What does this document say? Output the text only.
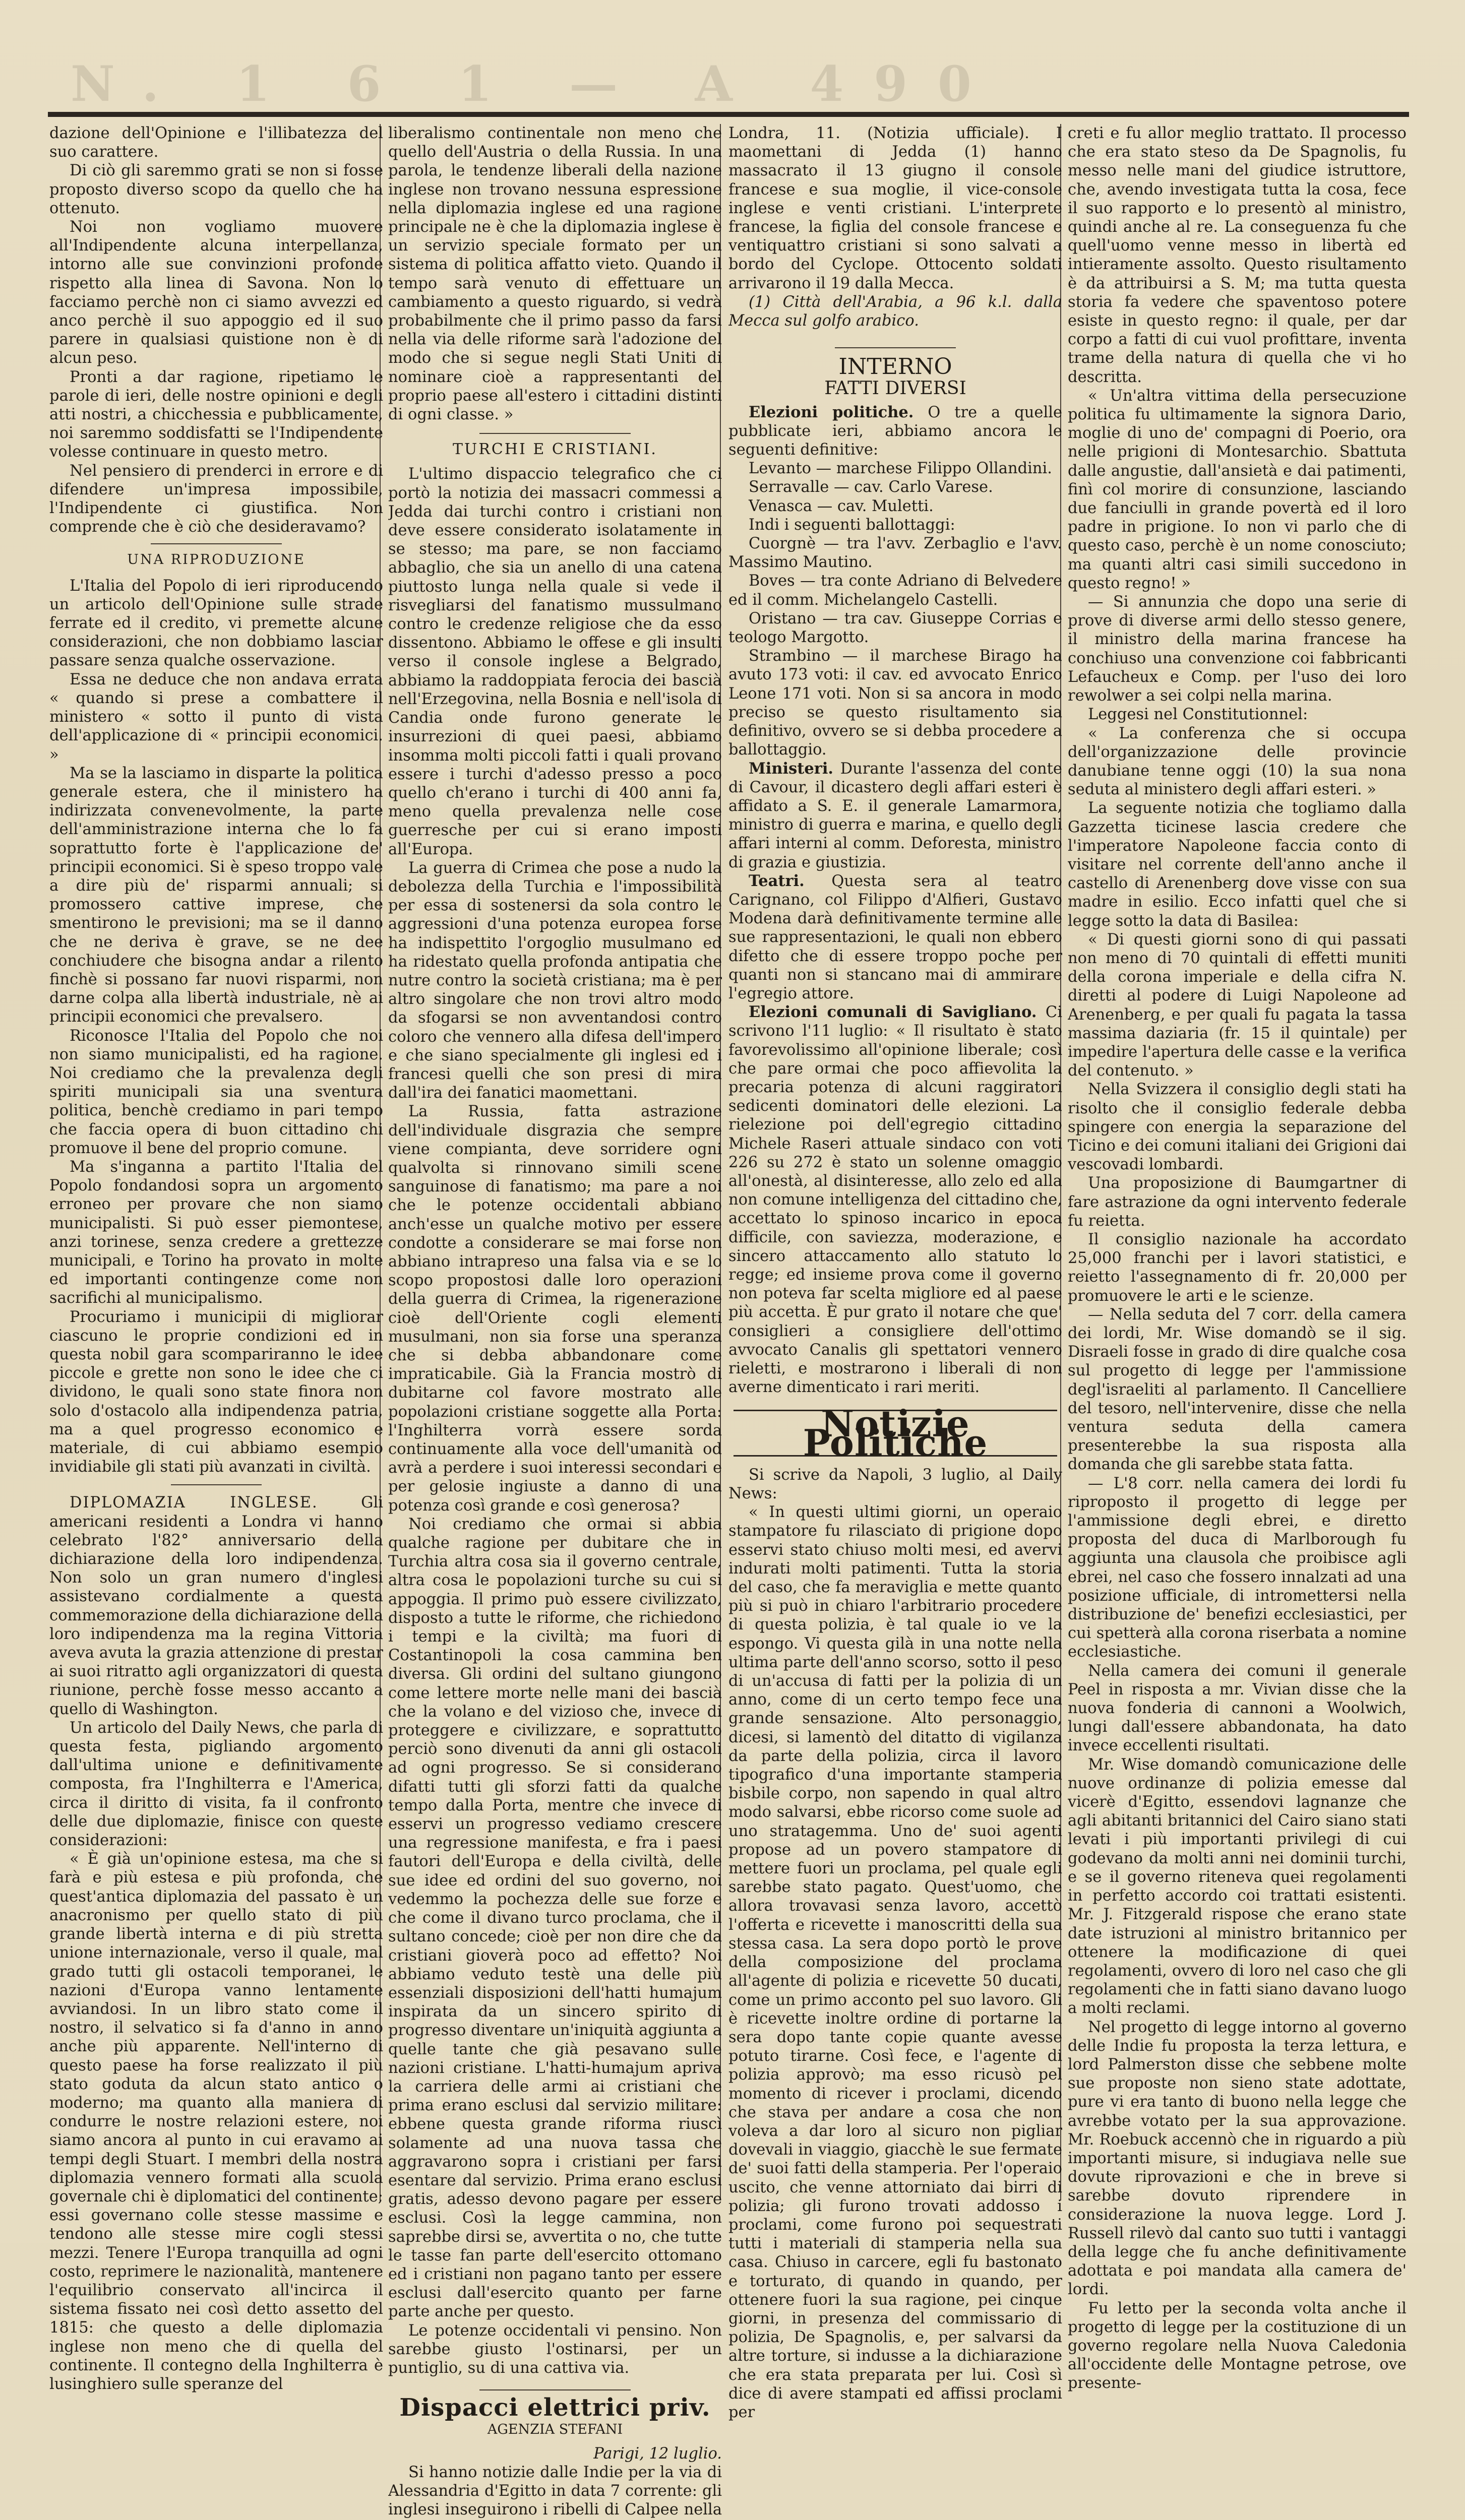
N. 1 6 1 — A 490

dazione dell'Opinione e l'illibatezza del suo carattere.

Di ciò gli saremmo grati se non si fosse proposto diverso scopo da quello che ha ottenuto.

Noi non vogliamo muovere all'Indipendente alcuna interpellanza, intorno alle sue convinzioni profonde rispetto alla linea di Savona. Non lo facciamo perchè non ci siamo avvezzi ed anco perchè il suo appoggio ed il suo parere in qualsiasi quistione non è di alcun peso.

Pronti a dar ragione, ripetiamo le parole di ieri, delle nostre opinioni e degli atti nostri, a chicchessia e pubblicamente, noi saremmo soddisfatti se l'Indipendente volesse continuare in questo metro.

Nel pensiero di prenderci in errore e di difendere un'impresa impossibile, l'Indipendente ci giustifica. Non comprende che è ciò che desideravamo?

UNA RIPRODUZIONE

L'Italia del Popolo di ieri riproducendo un articolo dell'Opinione sulle strade ferrate ed il credito, vi premette alcune considerazioni, che non dobbiamo lasciar passare senza qualche osservazione.

Essa ne deduce che non andava errata « quando si prese a combattere il ministero « sotto il punto di vista dell'applicazione di « principii economici. »

Ma se la lasciamo in disparte la politica generale estera, che il ministero ha indirizzata convenevolmente, la parte dell'amministrazione interna che lo fa soprattutto forte è l'applicazione de' principii economici. Si è speso troppo vale a dire più de' risparmi annuali; si promossero cattive imprese, che smentirono le previsioni; ma se il danno che ne deriva è grave, se ne dee conchiudere che bisogna andar a rilento finchè si possano far nuovi risparmi, non darne colpa alla libertà industriale, nè ai principii economici che prevalsero.

Riconosce l'Italia del Popolo che noi non siamo municipalisti, ed ha ragione. Noi crediamo che la prevalenza degli spiriti municipali sia una sventura politica, benchè crediamo in pari tempo che faccia opera di buon cittadino chi promuove il bene del proprio comune.

Ma s'inganna a partito l'Italia del Popolo fondandosi sopra un argomento erroneo per provare che non siamo municipalisti. Si può esser piemontese, anzi torinese, senza credere a grettezze municipali, e Torino ha provato in molte ed importanti contingenze come non sacrifichi al municipalismo.

Procuriamo i municipii di migliorar ciascuno le proprie condizioni ed in questa nobil gara scompariranno le idee piccole e grette non sono le idee che ci dividono, le quali sono state finora non solo d'ostacolo alla indipendenza patria, ma a quel progresso economico e materiale, di cui abbiamo esempio invidiabile gli stati più avanzati in civiltà.

DIPLOMAZIA INGLESE.	Gli americani residenti a Londra vi hanno celebrato l'82° anniversario della dichiarazione della loro indipendenza. Non solo un gran numero d'inglesi assistevano cordialmente a questa commemorazione della dichiarazione della loro indipendenza ma la regina Vittoria aveva avuta la grazia attenzione di prestar ai suoi ritratto agli organizzatori di questa riunione, perchè fosse messo accanto a quello di Washington.

Un articolo del Daily News, che parla di questa festa, pigliando argomento dall'ultima unione e definitivamente composta, fra l'Inghilterra e l'America, circa il diritto di visita, fa il confronto delle due diplomazie, finisce con queste considerazioni:

« È già un'opinione estesa, ma che si farà e più estesa e più profonda, che quest'antica diplomazia del passato è un anacronismo per quello stato di più grande libertà interna e di più stretta unione internazionale, verso il quale, mal grado tutti gli ostacoli temporanei, le nazioni d'Europa vanno lentamente avviandosi. In un libro stato come il nostro, il selvatico si fa d'anno in anno anche più apparente. Nell'interno di questo paese ha forse realizzato il più stato goduta da alcun stato antico o moderno; ma quanto alla maniera di condurre le nostre relazioni estere, noi siamo ancora al punto in cui eravamo ai tempi degli Stuart. I membri della nostra diplomazia vennero formati alla scuola governale chi è diplomatici del continente; essi governano colle stesse massime e tendono alle stesse mire cogli stessi mezzi. Tenere l'Europa tranquilla ad ogni costo, reprimere le nazionalità, mantenere l'equilibrio conservato all'incirca il sistema fissato nei così detto assetto del 1815: che questo a delle diplomazia inglese non meno che di quella del continente. Il contegno della Inghilterra è lusinghiero sulle speranze del

liberalismo continentale non meno che quello dell'Austria o della Russia. In una parola, le tendenze liberali della nazione inglese non trovano nessuna espressione nella diplomazia inglese ed una ragione principale ne è che la diplomazia inglese è un servizio speciale formato per un sistema di politica affatto vieto. Quando il tempo sarà venuto di effettuare un cambiamento a questo riguardo, si vedrà probabilmente che il primo passo da farsi nella via delle riforme sarà l'adozione del modo che si segue negli Stati Uniti di nominare cioè a rappresentanti del proprio paese all'estero i cittadini distinti di ogni classe. »

TURCHI E CRISTIANI.

L'ultimo dispaccio telegrafico che ci portò la notizia dei massacri commessi a Jedda dai turchi contro i cristiani non deve essere considerato isolatamente in se stesso; ma pare, se non facciamo abbaglio, che sia un anello di una catena piuttosto lunga nella quale si vede il risvegliarsi del fanatismo mussulmano contro le credenze religiose che da esso dissentono. Abbiamo le offese e gli insulti verso il console inglese a Belgrado, abbiamo la raddoppiata ferocia dei bascià nell'Erzegovina, nella Bosnia e nell'isola di Candia onde furono generate le insurrezioni di quei paesi, abbiamo insomma molti piccoli fatti i quali provano essere i turchi d'adesso presso a poco quello ch'erano i turchi di 400 anni fa, meno quella prevalenza nelle cose guerresche per cui si erano imposti all'Europa.

La guerra di Crimea che pose a nudo la debolezza della Turchia e l'impossibilità per essa di sostenersi da sola contro le aggressioni d'una potenza europea forse ha indispettito l'orgoglio musulmano ed ha ridestato quella profonda antipatia che nutre contro la società cristiana; ma è per altro singolare che non trovi altro modo da sfogarsi se non avventandosi contro coloro che vennero alla difesa dell'impero e che siano specialmente gli inglesi ed i francesi quelli che son presi di mira dall'ira dei fanatici maomettani.

La Russia, fatta astrazione dell'individuale disgrazia che sempre viene compianta, deve sorridere ogni qualvolta si rinnovano simili scene sanguinose di fanatismo; ma pare a noi che le potenze occidentali abbiano anch'esse un qualche motivo per essere condotte a considerare se mai forse non abbiano intrapreso una falsa via e se lo scopo propostosi dalle loro operazioni della guerra di Crimea, la rigenerazione cioè dell'Oriente cogli elementi musulmani, non sia forse una speranza che si debba abbandonare come impraticabile. Già la Francia mostrò di dubitarne col favore mostrato alle popolazioni cristiane soggette alla Porta: l'Inghilterra vorrà essere sorda continuamente alla voce dell'umanità od avrà a perdere i suoi interessi secondari e per gelosie ingiuste a danno di una potenza così grande e così generosa?

Noi crediamo che ormai si abbia qualche ragione per dubitare che in Turchia altra cosa sia il governo centrale, altra cosa le popolazioni turche su cui si appoggia. Il primo può essere civilizzato, disposto a tutte le riforme, che richiedono i tempi e la civiltà; ma fuori di Costantinopoli la cosa cammina ben diversa. Gli ordini del sultano giungono come lettere morte nelle mani dei bascià che la volano e del vizioso che, invece di proteggere e civilizzare, e soprattutto perciò sono divenuti da anni gli ostacoli ad ogni progresso. Se si considerano difatti tutti gli sforzi fatti da qualche tempo dalla Porta, mentre che invece di esservi un progresso vediamo crescere una regressione manifesta, e fra i paesi fautori dell'Europa e della civiltà, delle sue idee ed ordini del suo governo, noi vedemmo la pochezza delle sue forze e che come il divano turco proclama, che il sultano concede; cioè per non dire che da cristiani gioverà poco ad effetto? Noi abbiamo veduto testè una delle più essenziali disposizioni dell'hatti humajum inspirata da un sincero spirito di progresso diventare un'iniquità aggiunta a quelle tante che già pesavano sulle nazioni cristiane. L'hatti-humajum apriva la carriera delle armi ai cristiani che prima erano esclusi dal servizio militare: ebbene questa grande riforma riuscì solamente ad una nuova tassa che aggravarono sopra i cristiani per farsi esentare dal servizio. Prima erano esclusi gratis, adesso devono pagare per essere esclusi. Così la legge cammina, non saprebbe dirsi se, avvertita o no, che tutte le tasse fan parte dell'esercito ottomano ed i cristiani non pagano tanto per essere esclusi dall'esercito quanto per farne parte anche per questo.

Le potenze occidentali vi pensino. Non sarebbe giusto l'ostinarsi, per un puntiglio, su di una cattiva via.

Dispacci elettrici priv.
AGENZIA STEFANI

Parigi, 12 luglio.

Si hanno notizie dalle Indie per la via di Alessandria d'Egitto in data 7 corrente: gli inglesi inseguirono i ribelli di Calpee nella

Londra, 11. (Notizia ufficiale). I maomettani di Jedda (1) hanno massacrato il 13 giugno il console francese e sua moglie, il vice-console inglese e venti cristiani. L'interprete francese, la figlia del console francese e ventiquattro cristiani si sono salvati a bordo del Cyclope. Ottocento soldati arrivarono il 19 dalla Mecca.

(1) Città dell'Arabia, a 96 k.l. dalla Mecca sul golfo arabico.

INTERNO
FATTI DIVERSI

Elezioni politiche. O tre a quelle pubblicate ieri, abbiamo ancora le seguenti definitive:

Levanto — marchese Filippo Ollandini.

Serravalle — cav. Carlo Varese.

Venasca — cav. Muletti.

Indi i seguenti ballottaggi:

Cuorgnè — tra l'avv. Zerbaglio e l'avv. Massimo Mautino.

Boves — tra conte Adriano di Belvedere ed il comm. Michelangelo Castelli.

Oristano — tra cav. Giuseppe Corrias e teologo Margotto.

Strambino — il marchese Birago ha avuto 173 voti: il cav. ed avvocato Enrico Leone 171 voti. Non si sa ancora in modo preciso se questo risultamento sia definitivo, ovvero se si debba procedere a ballottaggio.

Ministeri. Durante l'assenza del conte di Cavour, il dicastero degli affari esteri è affidato a S. E. il generale Lamarmora, ministro di guerra e marina, e quello degli affari interni al comm. Deforesta, ministro di grazia e giustizia.

Teatri. Questa sera al teatro Carignano, col Filippo d'Alfieri, Gustavo Modena darà definitivamente termine alle sue rappresentazioni, le quali non ebbero difetto che di essere troppo poche per quanti non si stancano mai di ammirare l'egregio attore.

Elezioni comunali di Savigliano. Ci scrivono l'11 luglio: « Il risultato è stato favorevolissimo all'opinione liberale; così che pare ormai che poco affievolita la precaria potenza di alcuni raggiratori sedicenti dominatori delle elezioni. La rielezione poi dell'egregio cittadino Michele Raseri attuale sindaco con voti 226 su 272 è stato un solenne omaggio all'onestà, al disinteresse, allo zelo ed alla non comune intelligenza del cittadino che, accettato lo spinoso incarico in epoca difficile, con saviezza, moderazione, e sincero attaccamento allo statuto lo regge; ed insieme prova come il governo non poteva far scelta migliore ed al paese più accetta. È pur grato il notare che que' consiglieri a consigliere dell'ottimo avvocato Canalis gli spettatori vennero rieletti, e mostrarono i liberali di non averne dimenticato i rari meriti.

Notizie Politiche

Si scrive da Napoli, 3 luglio, al Daily News:

« In questi ultimi giorni, un operaio stampatore fu rilasciato di prigione dopo esservi stato chiuso molti mesi, ed avervi indurati molti patimenti. Tutta la storia del caso, che fa meraviglia e mette quanto più si può in chiaro l'arbitrario procedere di questa polizia, è tal quale io ve la espongo. Vi questa gilà in una notte nella ultima parte dell'anno scorso, sotto il peso di un'accusa di fatti per la polizia di un anno, come di un certo tempo fece una grande sensazione. Alto personaggio, dicesi, si lamentò del ditatto di vigilanza da parte della polizia, circa il lavoro tipografico d'una importante stamperia bisbile corpo, non sapendo in qual altro modo salvarsi, ebbe ricorso come suole ad uno stratagemma. Uno de' suoi agenti propose ad un povero stampatore di mettere fuori un proclama, pel quale egli sarebbe stato pagato. Quest'uomo, che allora trovavasi senza lavoro, accettò l'offerta e ricevette i manoscritti della sua stessa casa. La sera dopo portò le prove della composizione del proclama all'agente di polizia e ricevette 50 ducati, come un primo acconto pel suo lavoro. Gli è ricevette inoltre ordine di portarne la sera dopo tante copie quante avesse potuto tirarne. Così fece, e l'agente di polizia approvò; ma esso ricusò pel momento di ricever i proclami, dicendo che stava per andare a cosa che non voleva a dar loro al sicuro non pigliar dovevali in viaggio, giacchè le sue fermate de' suoi fatti della stamperia. Per l'operaio uscito, che venne attorniato dai birri di polizia; gli furono trovati addosso i proclami, come furono poi sequestrati tutti i materiali di stamperia nella sua casa. Chiuso in carcere, egli fu bastonato e torturato, di quando in quando, per ottenere fuori la sua ragione, pei cinque giorni, in presenza del commissario di polizia, De Spagnolis, e, per salvarsi da altre torture, si indusse a la dichiarazione che era stata preparata per lui. Così sì dice di avere stampati ed affissi proclami per

creti e fu allor meglio trattato. Il processo che era stato steso da De Spagnolis, fu messo nelle mani del giudice istruttore, che, avendo investigata tutta la cosa, fece il suo rapporto e lo presentò al ministro, quindi anche al re. La conseguenza fu che quell'uomo venne messo in libertà ed intieramente assolto. Questo risultamento è da attribuirsi a S. M; ma tutta questa storia fa vedere che spaventoso potere esiste in questo regno: il quale, per dar corpo a fatti di cui vuol profittare, inventa trame della natura di quella che vi ho descritta.

« Un'altra vittima della persecuzione politica fu ultimamente la signora Dario, moglie di uno de' compagni di Poerio, ora nelle prigioni di Montesarchio. Sbattuta dalle angustie, dall'ansietà e dai patimenti, finì col morire di consunzione, lasciando due fanciulli in grande povertà ed il loro padre in prigione. Io non vi parlo che di questo caso, perchè è un nome conosciuto; ma quanti altri casi simili succedono in questo regno! »

— Si annunzia che dopo una serie di prove di diverse armi dello stesso genere, il ministro della marina francese ha conchiuso una convenzione coi fabbricanti Lefaucheux e Comp. per l'uso dei loro rewolwer a sei colpi nella marina.

Leggesi nel Constitutionnel:

« La conferenza che si occupa dell'organizzazione delle provincie danubiane tenne oggi (10) la sua nona seduta al ministero degli affari esteri. »

La seguente notizia che togliamo dalla Gazzetta ticinese lascia credere che l'imperatore Napoleone faccia conto di visitare nel corrente dell'anno anche il castello di Arenenberg dove visse con sua madre in esilio. Ecco infatti quel che si legge sotto la data di Basilea:

« Di questi giorni sono di qui passati non meno di 70 quintali di effetti muniti della corona imperiale e della cifra N. diretti al podere di Luigi Napoleone ad Arenenberg, e per quali fu pagata la tassa massima daziaria (fr. 15 il quintale) per impedire l'apertura delle casse e la verifica del contenuto. »

Nella Svizzera il consiglio degli stati ha risolto che il consiglio federale debba spingere con energia la separazione del Ticino e dei comuni italiani dei Grigioni dai vescovadi lombardi.

Una proposizione di Baumgartner di fare astrazione da ogni intervento federale fu reietta.

Il consiglio nazionale ha accordato 25,000 franchi per i lavori statistici, e reietto l'assegnamento di fr. 20,000 per promuovere le arti e le scienze.

— Nella seduta del 7 corr. della camera dei lordi, Mr. Wise domandò se il sig. Disraeli fosse in grado di dire qualche cosa sul progetto di legge per l'ammissione degl'israeliti al parlamento. Il Cancelliere del tesoro, nell'intervenire, disse che nella ventura seduta della camera presenterebbe la sua risposta alla domanda che gli sarebbe stata fatta.

— L'8 corr. nella camera dei lordi fu riproposto il progetto di legge per l'ammissione degli ebrei, e diretto proposta del duca di Marlborough fu aggiunta una clausola che proibisce agli ebrei, nel caso che fossero innalzati ad una posizione ufficiale, di intromettersi nella distribuzione de' benefizi ecclesiastici, per cui spetterà alla corona riserbata a nomine ecclesiastiche.

Nella camera dei comuni il generale Peel in risposta a mr. Vivian disse che la nuova fonderia di cannoni a Woolwich, lungi dall'essere abbandonata, ha dato invece eccellenti risultati.

Mr. Wise domandò comunicazione delle nuove ordinanze di polizia emesse dal vicerè d'Egitto, essendovi lagnanze che agli abitanti britannici del Cairo siano stati levati i più importanti privilegi di cui godevano da molti anni nei dominii turchi, e se il governo riteneva quei regolamenti in perfetto accordo coi trattati esistenti. Mr. J. Fitzgerald rispose che erano state date istruzioni al ministro britannico per ottenere la modificazione di quei regolamenti, ovvero di loro nel caso che gli regolamenti che in fatti siano davano luogo a molti reclami.

Nel progetto di legge intorno al governo delle Indie fu proposta la terza lettura, e lord Palmerston disse che sebbene molte sue proposte non sieno state adottate, pure vi era tanto di buono nella legge che avrebbe votato per la sua approvazione. Mr. Roebuck accennò che in riguardo a più importanti misure, si indugiava nelle sue dovute riprovazioni e che in breve si sarebbe dovuto riprendere in considerazione la nuova legge. Lord J. Russell rilevò dal canto suo tutti i vantaggi della legge che fu anche definitivamente adottata e poi mandata alla camera de' lordi.

Fu letto per la seconda volta anche il progetto di legge per la costituzione di un governo regolare nella Nuova Caledonia all'occidente delle Montagne petrose, ove presente-
